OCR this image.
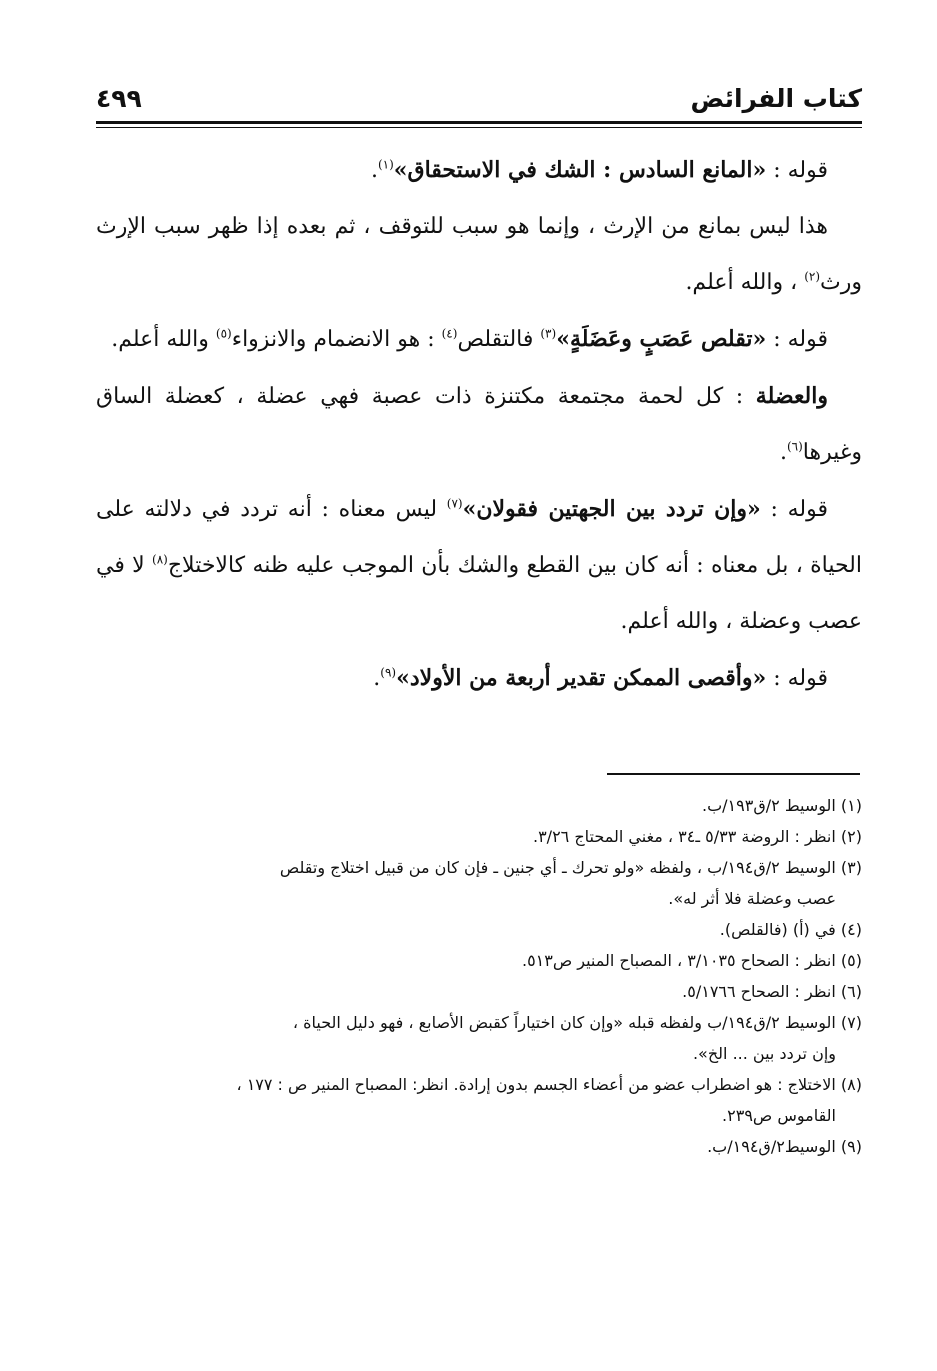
كتاب الفرائض
٤٩٩

قوله : «المانع السادس : الشك في الاستحقاق»$^{(١)}$.

هذا ليس بمانع من الإرث ، وإنما هو سبب للتوقف ، ثم بعده إذا ظهر سبب الإرث ورث$^{(٢)}$ ، والله أعلم.

قوله : «تقلص عَصَبٍ وعَضَلَةٍ»$^{(٣)}$ فالتقلص$^{(٤)}$ : هو الانضمام والانزواء$^{(٥)}$ والله أعلم.

والعضلة : كل لحمة مجتمعة مكتنزة ذات عصبة فهي عضلة ، كعضلة الساق وغيرها$^{(٦)}$.

قوله : «وإن تردد بين الجهتين فقولان»$^{(٧)}$ ليس معناه : أنه تردد في دلالته على الحياة ، بل معناه : أنه كان بين القطع والشك بأن الموجب عليه ظنه كالاختلاج$^{(٨)}$ لا في عصب وعضلة ، والله أعلم.

قوله : «وأقصى الممكن تقدير أربعة من الأولاد»$^{(٩)}$.

(١) الوسيط ٢/ق١٩٣/ب.

(٢) انظر : الروضة ٥/٣٣ ـ٣٤ ، مغني المحتاج ٣/٢٦.

(٣) الوسيط ٢/ق١٩٤/ب ، ولفظه «ولو تحرك ـ أي جنين ـ فإن كان من قبيل اختلاج وتقلص

عصب وعضلة فلا أثر له».

(٤) في (أ) (فالقلص).

(٥) انظر : الصحاح ٣/١٠٣٥ ، المصباح المنير ص٥١٣.

(٦) انظر : الصحاح ٥/١٧٦٦.

(٧) الوسيط ٢/ق١٩٤/ب ولفظه قبله «وإن كان اختياراً كقبض الأصابع ، فهو دليل الحياة ،

وإن تردد بين ... الخ».

(٨) الاختلاج : هو اضطراب عضو من أعضاء الجسم بدون إرادة. انظر: المصباح المنير ص : ١٧٧ ،

القاموس ص٢٣٩.

(٩) الوسيط٢/ق١٩٤/ب.
